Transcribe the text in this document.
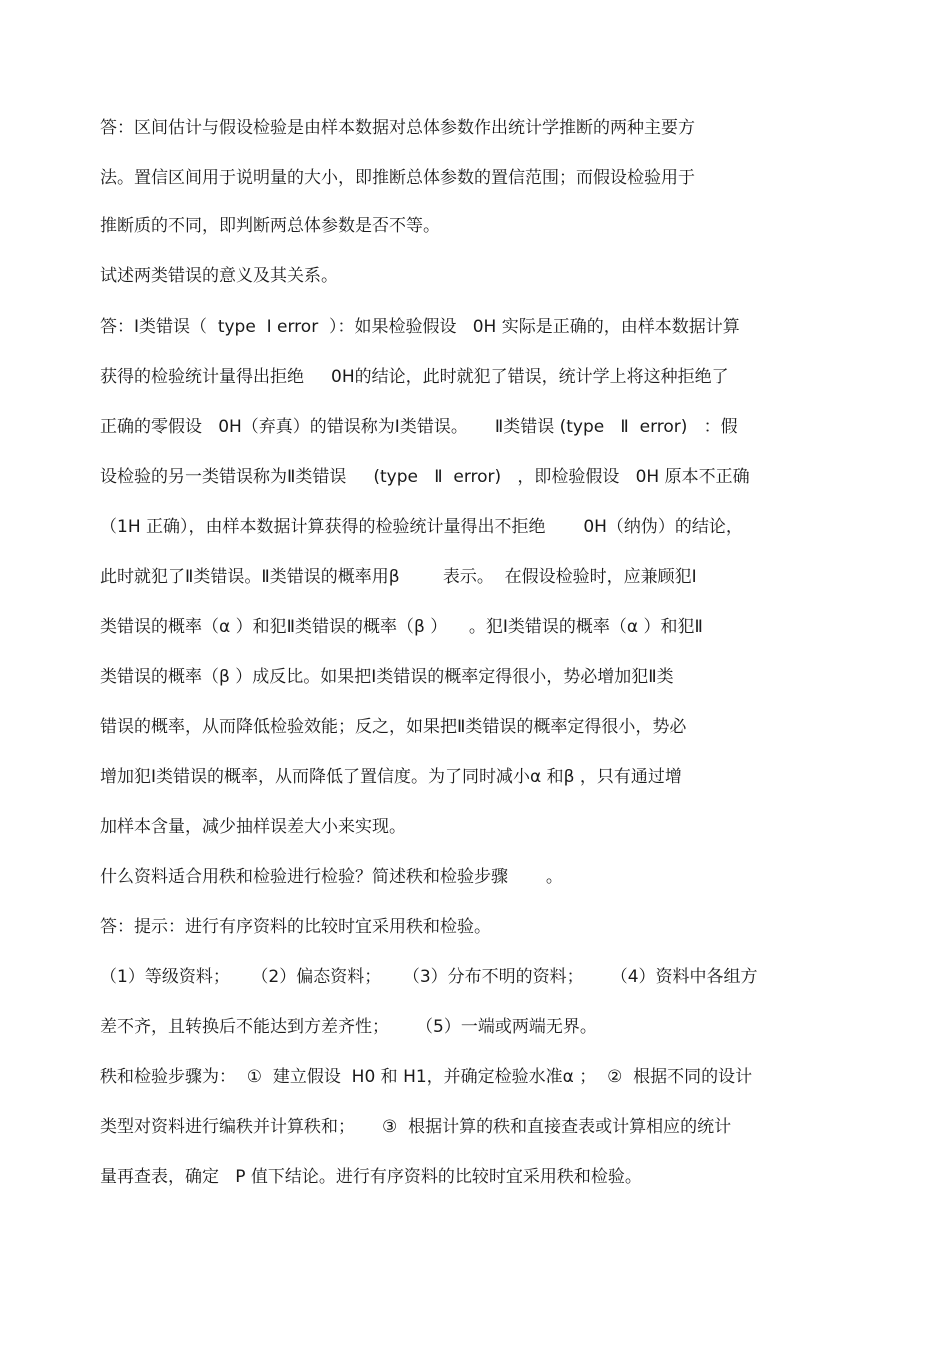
答：区间估计与假设检验是由样本数据对总体参数作出统计学推断的两种主要方
法。置信区间用于说明量的大小，即推断总体参数的置信范围；而假设检验用于
推断质的不同，即判断两总体参数是否不等。
试述两类错误的意义及其关系。
答：Ⅰ类错误（  type  Ⅰ error  ）：如果检验假设   0H 实际是正确的，由样本数据计算
获得的检验统计量得出拒绝     0H的结论，此时就犯了错误，统计学上将这种拒绝了
正确的零假设   0H（弃真）的错误称为Ⅰ类错误。     Ⅱ类错误 (type   Ⅱ  error)   ：假
设检验的另一类错误称为Ⅱ类错误     (type   Ⅱ  error)   ，即检验假设   0H 原本不正确
（1H 正确），由样本数据计算获得的检验统计量得出不拒绝       0H（纳伪）的结论，
此时就犯了Ⅱ类错误。Ⅱ类错误的概率用β        表示。  在假设检验时，应兼顾犯Ⅰ
类错误的概率（α ）和犯Ⅱ类错误的概率（β ）    。犯Ⅰ类错误的概率（α ）和犯Ⅱ
类错误的概率（β ）成反比。如果把Ⅰ类错误的概率定得很小，势必增加犯Ⅱ类
错误的概率，从而降低检验效能；反之，如果把Ⅱ类错误的概率定得很小，势必
增加犯Ⅰ类错误的概率，从而降低了置信度。为了同时减小α 和β ，只有通过增
加样本含量，减少抽样误差大小来实现。
什么资料适合用秩和检验进行检验？简述秩和检验步骤       。
答：提示：进行有序资料的比较时宜采用秩和检验。
（1）等级资料；    （2）偏态资料；    （3）分布不明的资料；     （4）资料中各组方
差不齐，且转换后不能达到方差齐性；     （5）一端或两端无界。
秩和检验步骤为：  ①  建立假设  H0 和 H1，并确定检验水准α ；  ②  根据不同的设计
类型对资料进行编秩并计算秩和；     ③  根据计算的秩和直接查表或计算相应的统计
量再查表，确定   P 值下结论。进行有序资料的比较时宜采用秩和检验。
